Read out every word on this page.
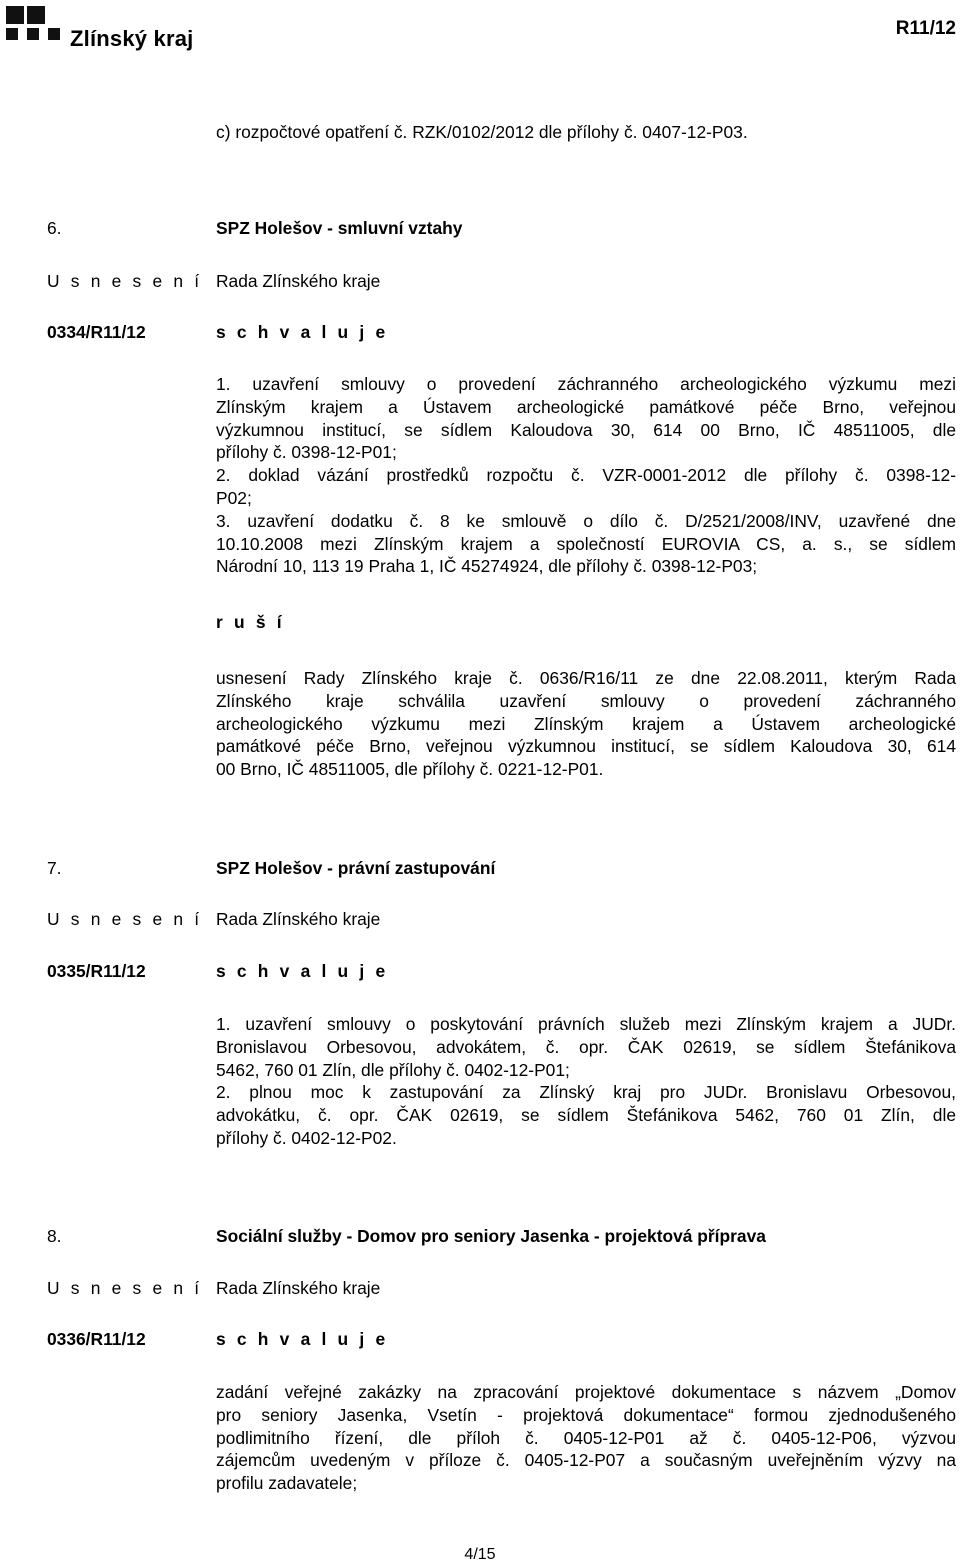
Zlínský kraj	R11/12
c) rozpočtové opatření č. RZK/0102/2012 dle přílohy č. 0407-12-P03.
6.	SPZ Holešov - smluvní vztahy
U s n e s e n í Rada Zlínského kraje
0334/R11/12	s c h v a l u j e
1. uzavření smlouvy o provedení záchranného archeologického výzkumu mezi
Zlínským krajem a Ústavem archeologické památkové péče Brno, veřejnou
výzkumnou institucí, se sídlem Kaloudova 30, 614 00 Brno, IČ 48511005, dle
přílohy č. 0398-12-P01;
2. doklad vázání prostředků rozpočtu č. VZR-0001-2012 dle přílohy č. 0398-12-
P02;
3. uzavření dodatku č. 8 ke smlouvě o dílo č. D/2521/2008/INV, uzavřené dne
10.10.2008 mezi Zlínským krajem a společností EUROVIA CS, a. s., se sídlem
Národní 10, 113 19 Praha 1, IČ 45274924, dle přílohy č. 0398-12-P03;
r u š í
usnesení Rady Zlínského kraje č. 0636/R16/11 ze dne 22.08.2011, kterým Rada
Zlínského kraje schválila uzavření smlouvy o provedení záchranného
archeologického výzkumu mezi Zlínským krajem a Ústavem archeologické
památkové péče Brno, veřejnou výzkumnou institucí, se sídlem Kaloudova 30, 614
00 Brno, IČ 48511005, dle přílohy č. 0221-12-P01.
7.	SPZ Holešov - právní zastupování
U s n e s e n í Rada Zlínského kraje
0335/R11/12	s c h v a l u j e
1. uzavření smlouvy o poskytování právních služeb mezi Zlínským krajem a JUDr.
Bronislavou Orbesovou, advokátem, č. opr. ČAK 02619, se sídlem Štefánikova
5462, 760 01 Zlín, dle přílohy č. 0402-12-P01;
2. plnou moc k zastupování za Zlínský kraj pro JUDr. Bronislavu Orbesovou,
advokátku, č. opr. ČAK 02619, se sídlem Štefánikova 5462, 760 01 Zlín, dle
přílohy č. 0402-12-P02.
8.	Sociální služby - Domov pro seniory Jasenka - projektová příprava
U s n e s e n í Rada Zlínského kraje
0336/R11/12	s c h v a l u j e
zadání veřejné zakázky na zpracování projektové dokumentace s názvem „Domov
pro seniory Jasenka, Vsetín - projektová dokumentace“ formou zjednodušeného
podlimitního řízení, dle příloh č. 0405-12-P01 až č. 0405-12-P06, výzvou
zájemcům uvedeným v příloze č. 0405-12-P07 a současným uveřejněním výzvy na
profilu zadavatele;
4/15
